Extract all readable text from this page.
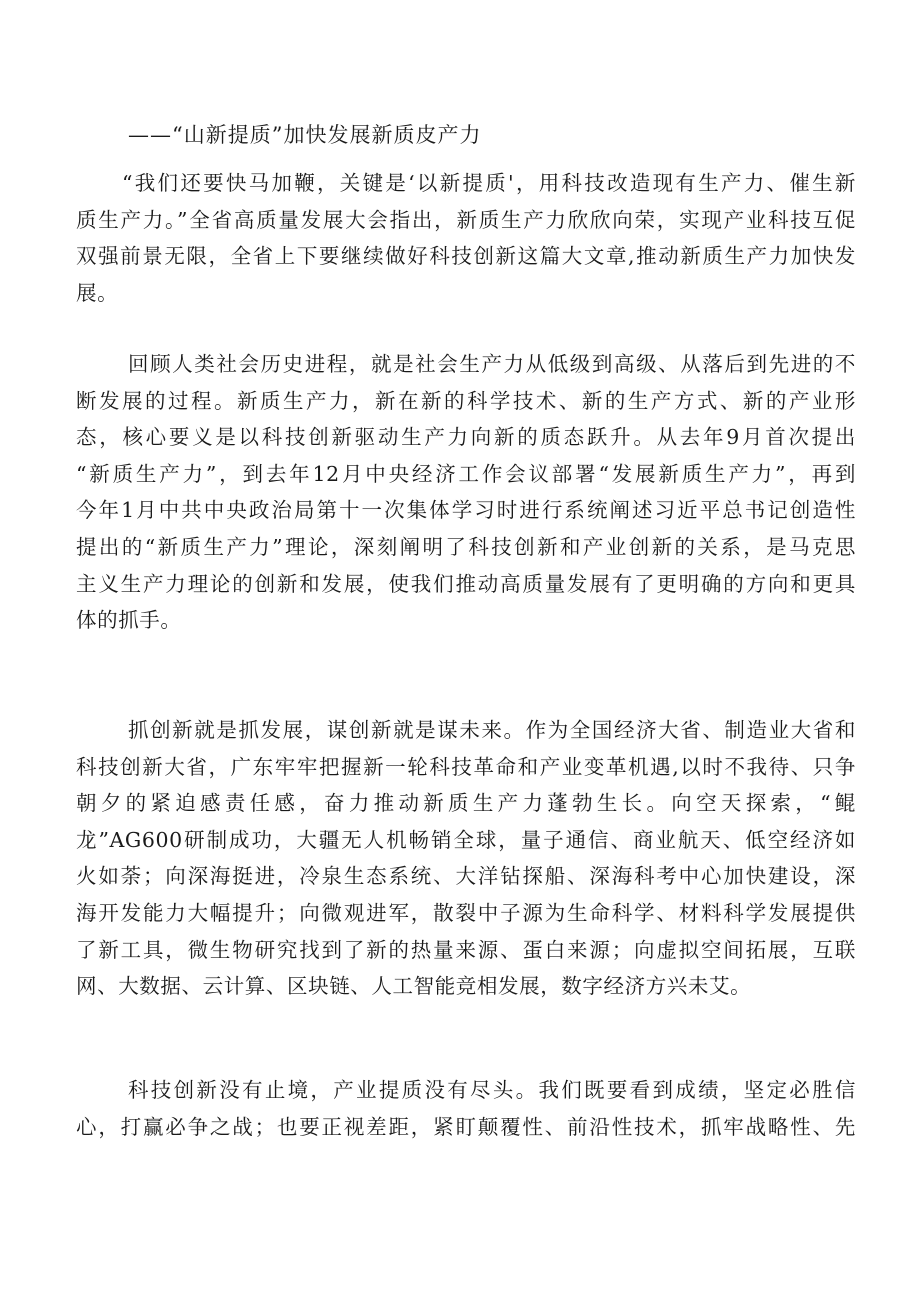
——“山新提质”加快发展新质皮产力
“我们还要快马加鞭，关键是‘以新提质'，用科技改造现有生产力、催生新
质生产力。”全省高质量发展大会指出，新质生产力欣欣向荣，实现产业科技互促
双强前景无限，全省上下要继续做好科技创新这篇大文章,推动新质生产力加快发
展。
回顾人类社会历史进程，就是社会生产力从低级到高级、从落后到先进的不
断发展的过程。新质生产力，新在新的科学技术、新的生产方式、新的产业形
态，核心要义是以科技创新驱动生产力向新的质态跃升。从去年9月首次提出
“新质生产力”，到去年12月中央经济工作会议部署“发展新质生产力”，再到
今年1月中共中央政治局第十一次集体学习时进行系统阐述习近平总书记创造性
提出的“新质生产力”理论，深刻阐明了科技创新和产业创新的关系，是马克思
主义生产力理论的创新和发展，使我们推动高质量发展有了更明确的方向和更具
体的抓手。
抓创新就是抓发展，谋创新就是谋未来。作为全国经济大省、制造业大省和
科技创新大省，广东牢牢把握新一轮科技革命和产业变革机遇,以时不我待、只争
朝夕的紧迫感责任感，奋力推动新质生产力蓬勃生长。向空天探索，“鲲
龙”AG600研制成功，大疆无人机畅销全球，量子通信、商业航天、低空经济如
火如荼；向深海挺进，冷泉生态系统、大洋钻探船、深海科考中心加快建设，深
海开发能力大幅提升；向微观进军，散裂中子源为生命科学、材料科学发展提供
了新工具，微生物研究找到了新的热量来源、蛋白来源；向虚拟空间拓展，互联
网、大数据、云计算、区块链、人工智能竞相发展，数字经济方兴未艾。
科技创新没有止境，产业提质没有尽头。我们既要看到成绩，坚定必胜信
心，打赢必争之战；也要正视差距，紧盯颠覆性、前沿性技术，抓牢战略性、先
